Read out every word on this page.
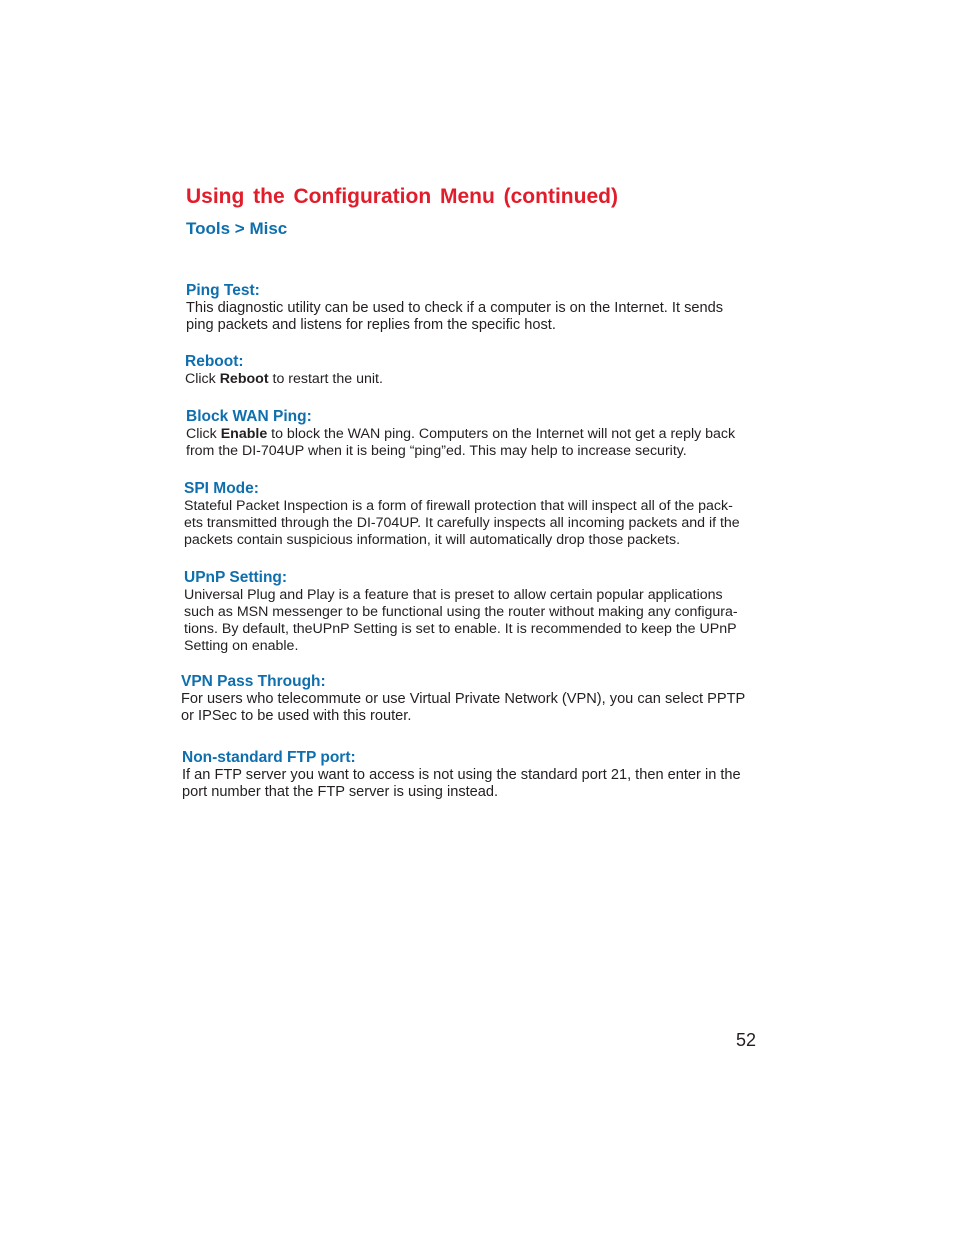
Using the Configuration Menu (continued)
Tools > Misc
Ping Test:
This diagnostic utility can be used to check if a computer is on the Internet. It sends
ping packets and listens for replies from the specific host.
Reboot:
Click Reboot to restart the unit.
Block WAN Ping:
Click Enable to block the WAN ping. Computers on the Internet will not get a reply back
from the DI-704UP when it is being “ping”ed. This may help to increase security.
SPI Mode:
Stateful Packet Inspection is a form of firewall protection that will inspect all of the pack-
ets transmitted through the DI-704UP. It carefully inspects all incoming packets and if the
packets contain suspicious information, it will automatically drop those packets.
UPnP Setting:
Universal Plug and Play is a feature that is preset to allow certain popular applications
such as MSN messenger to be functional using the router without making any configura-
tions. By default, theUPnP Setting is set to enable. It is recommended to keep the UPnP
Setting on enable.
VPN Pass Through:
For users who telecommute or use Virtual Private Network (VPN), you can select PPTP
or IPSec to be used with this router.
Non-standard FTP port:
If an FTP server you want to access is not using the standard port 21, then enter in the
port number that the FTP server is using instead.
52
